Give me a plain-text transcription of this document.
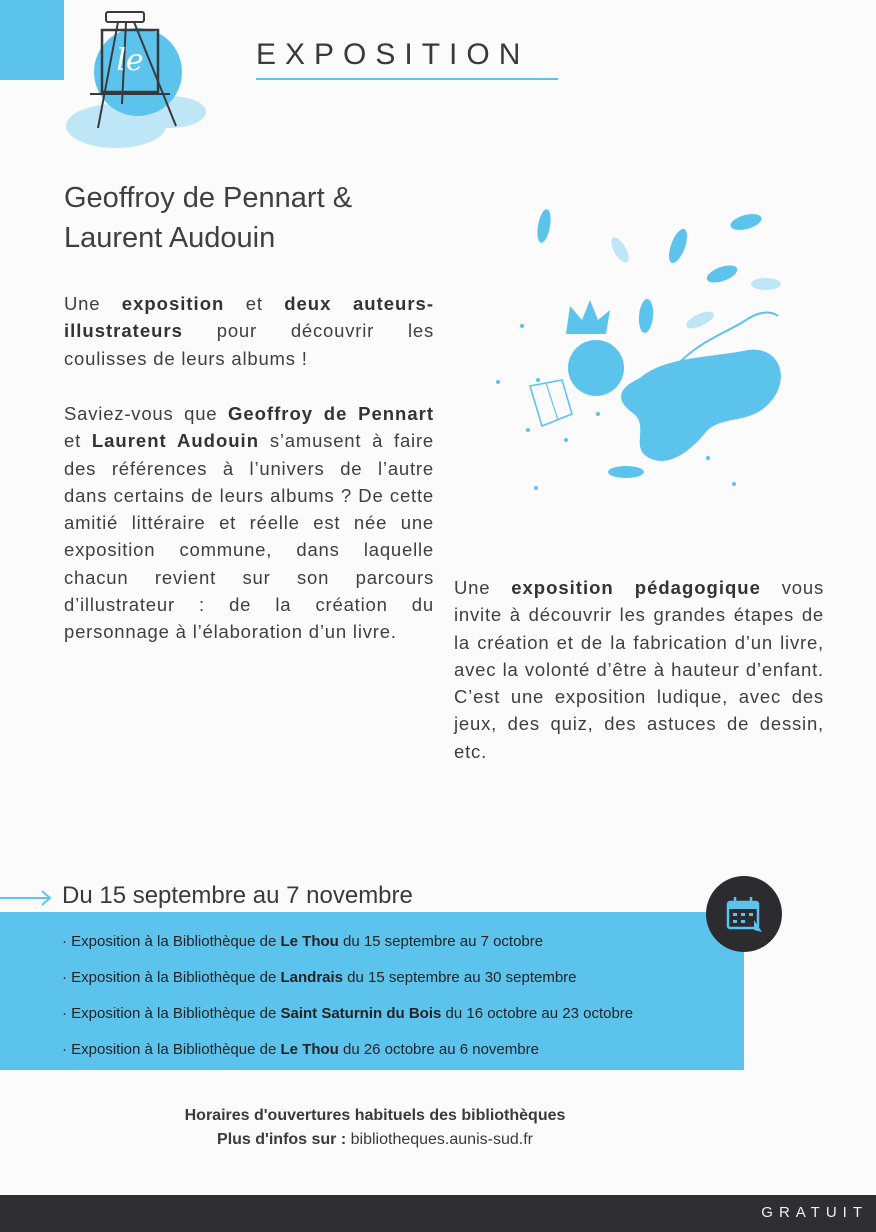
le	EXPOSITION
Geoffroy de Pennart &
Laurent Audouin
Une exposition et deux auteurs-illustrateurs pour découvrir les coulisses de leurs albums !
Saviez-vous que Geoffroy de Pennart et Laurent Audouin s’amusent à faire des références à l’univers de l’autre dans certains de leurs albums ? De cette amitié littéraire et réelle est née une exposition commune, dans laquelle chacun revient sur son parcours d’illustrateur : de la création du personnage à l’élaboration d’un livre.
Une exposition pédagogique vous invite à découvrir les grandes étapes de la création et de la fabrication d’un livre, avec la volonté d’être à hauteur d’enfant. C’est une exposition ludique, avec des jeux, des quiz, des astuces de dessin, etc.
Du 15 septembre au 7 novembre
· Exposition à la Bibliothèque de Le Thou du 15 septembre au 7 octobre
· Exposition à la Bibliothèque de Landrais du 15 septembre au 30 septembre
· Exposition à la Bibliothèque de Saint Saturnin du Bois du 16 octobre au 23 octobre
· Exposition à la Bibliothèque de Le Thou du 26 octobre au 6 novembre
Horaires d'ouvertures habituels des bibliothèques
Plus d'infos sur : bibliotheques.aunis-sud.fr
GRATUIT
